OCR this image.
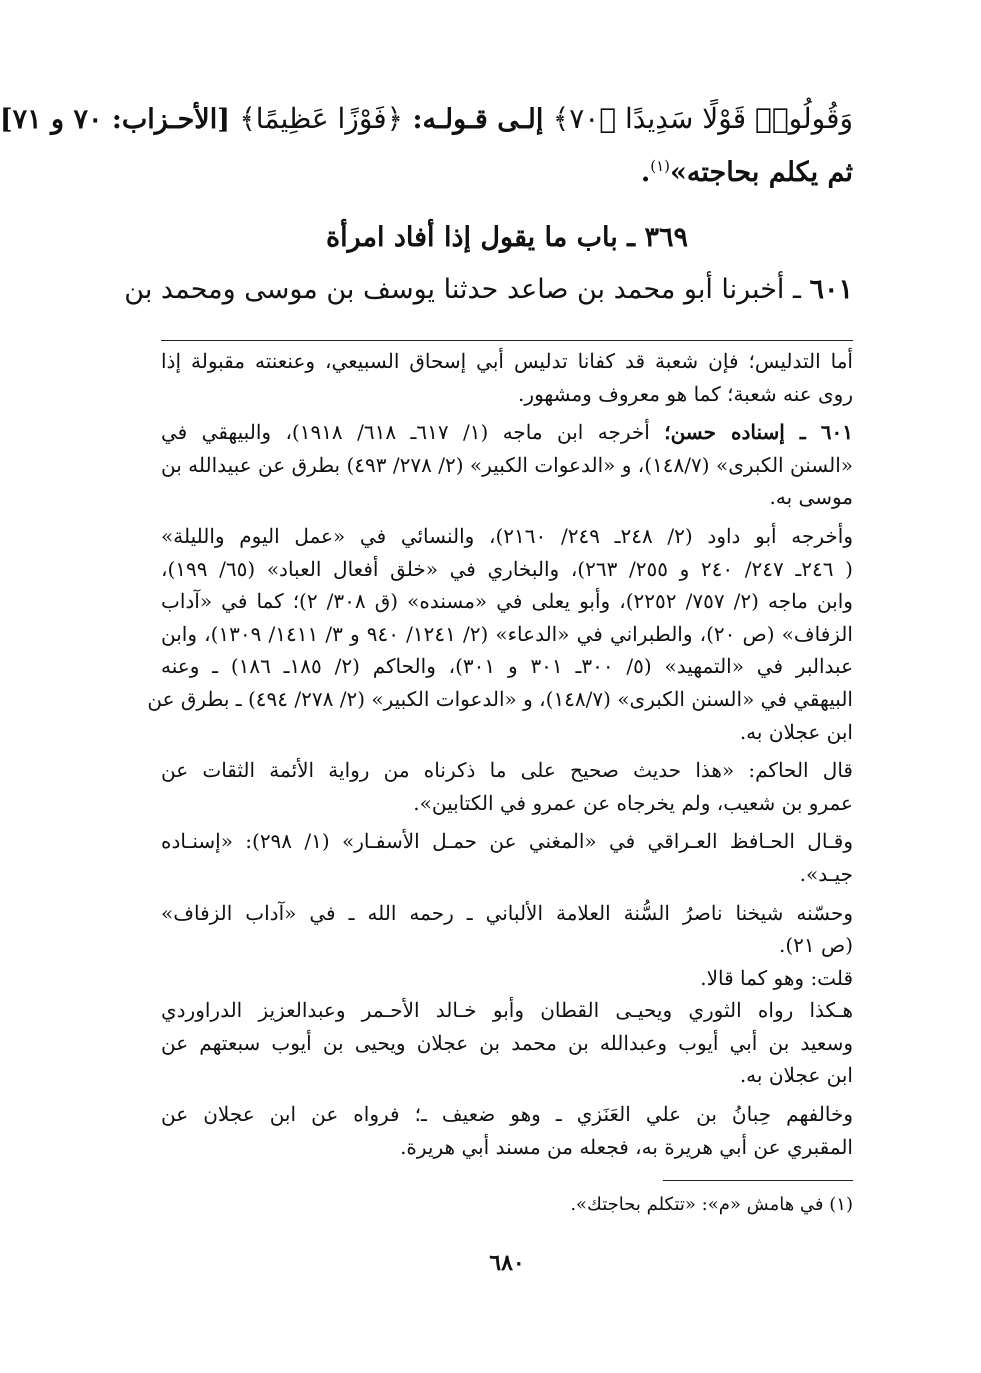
وَقُولُوا۟ قَوْلًا سَدِيدًا ﴿٧٠﴾ إلـى قـولـه: ﴿فَوْزًا عَظِيمًا﴾ [الأحـزاب: ٧٠ و ٧١]
ثم يكلم بحاجته»$^{(١)}$.
٣٦٩ ـ باب ما يقول إذا أفاد امرأة
٦٠١ ـ أخبرنا أبو محمد بن صاعد حدثنا يوسف بن موسى ومحمد بن
أما التدليس؛ فإن شعبة قد كفانا تدليس أبي إسحاق السبيعي، وعنعنته مقبولة إذا
روى عنه شعبة؛ كما هو معروف ومشهور.
٦٠١ ـ إسناده حسن؛ أخرجه ابن ماجه (١/ ٦١٧ـ ٦١٨/ ١٩١٨)، والبيهقي في
«السنن الكبرى» (١٤٨/٧)، و «الدعوات الكبير» (٢/ ٢٧٨/ ٤٩٣) بطرق عن عبيدالله بن
موسى به.
وأخرجه أبو داود (٢/ ٢٤٨ـ ٢٤٩/ ٢١٦٠)، والنسائي في «عمل اليوم والليلة»
( ٢٤٦ـ ٢٤٧/ ٢٤٠ و ٢٥٥/ ٢٦٣)، والبخاري في «خلق أفعال العباد» (٦٥/ ١٩٩)،
وابن ماجه (٢/ ٧٥٧/ ٢٢٥٢)، وأبو يعلى في «مسنده» (ق ٣٠٨/ ٢)؛ كما في «آداب
الزفاف» (ص ٢٠)، والطبراني في «الدعاء» (٢/ ١٢٤١/ ٩٤٠ و ٣/ ١٤١١/ ١٣٠٩)، وابن
عبدالبر في «التمهيد» (٥/ ٣٠٠ـ ٣٠١ و ٣٠١)، والحاكم (٢/ ١٨٥ـ ١٨٦) ـ وعنه
البيهقي في «السنن الكبرى» (١٤٨/٧)، و «الدعوات الكبير» (٢/ ٢٧٨/ ٤٩٤) ـ بطرق عن
ابن عجلان به.
قال الحاكم: «هذا حديث صحيح على ما ذكرناه من رواية الأئمة الثقات عن
عمرو بن شعيب، ولم يخرجاه عن عمرو في الكتابين».
وقـال الحـافظ العـراقي في «المغني عن حمـل الأسفـار» (١/ ٢٩٨): «إسنـاده
جيـد».
وحسّنه شيخنا ناصرُ السُّنة العلامة الألباني ـ رحمه الله ـ في «آداب الزفاف»
(ص ٢١).
قلت: وهو كما قالا.
هـكذا رواه الثوري ويحيـى القطان وأبو خـالد الأحـمر وعبدالعزيز الدراوردي
وسعيد بن أبي أيوب وعبدالله بن محمد بن عجلان ويحيى بن أيوب سبعتهم عن
ابن عجلان به.
وخالفهم حِبانُ بن علي العَنَزي ـ وهو ضعيف ـ؛ فرواه عن ابن عجلان عن
المقبري عن أبي هريرة به، فجعله من مسند أبي هريرة.
(١) في هامش «م»: «تتكلم بحاجتك».
٦٨٠
